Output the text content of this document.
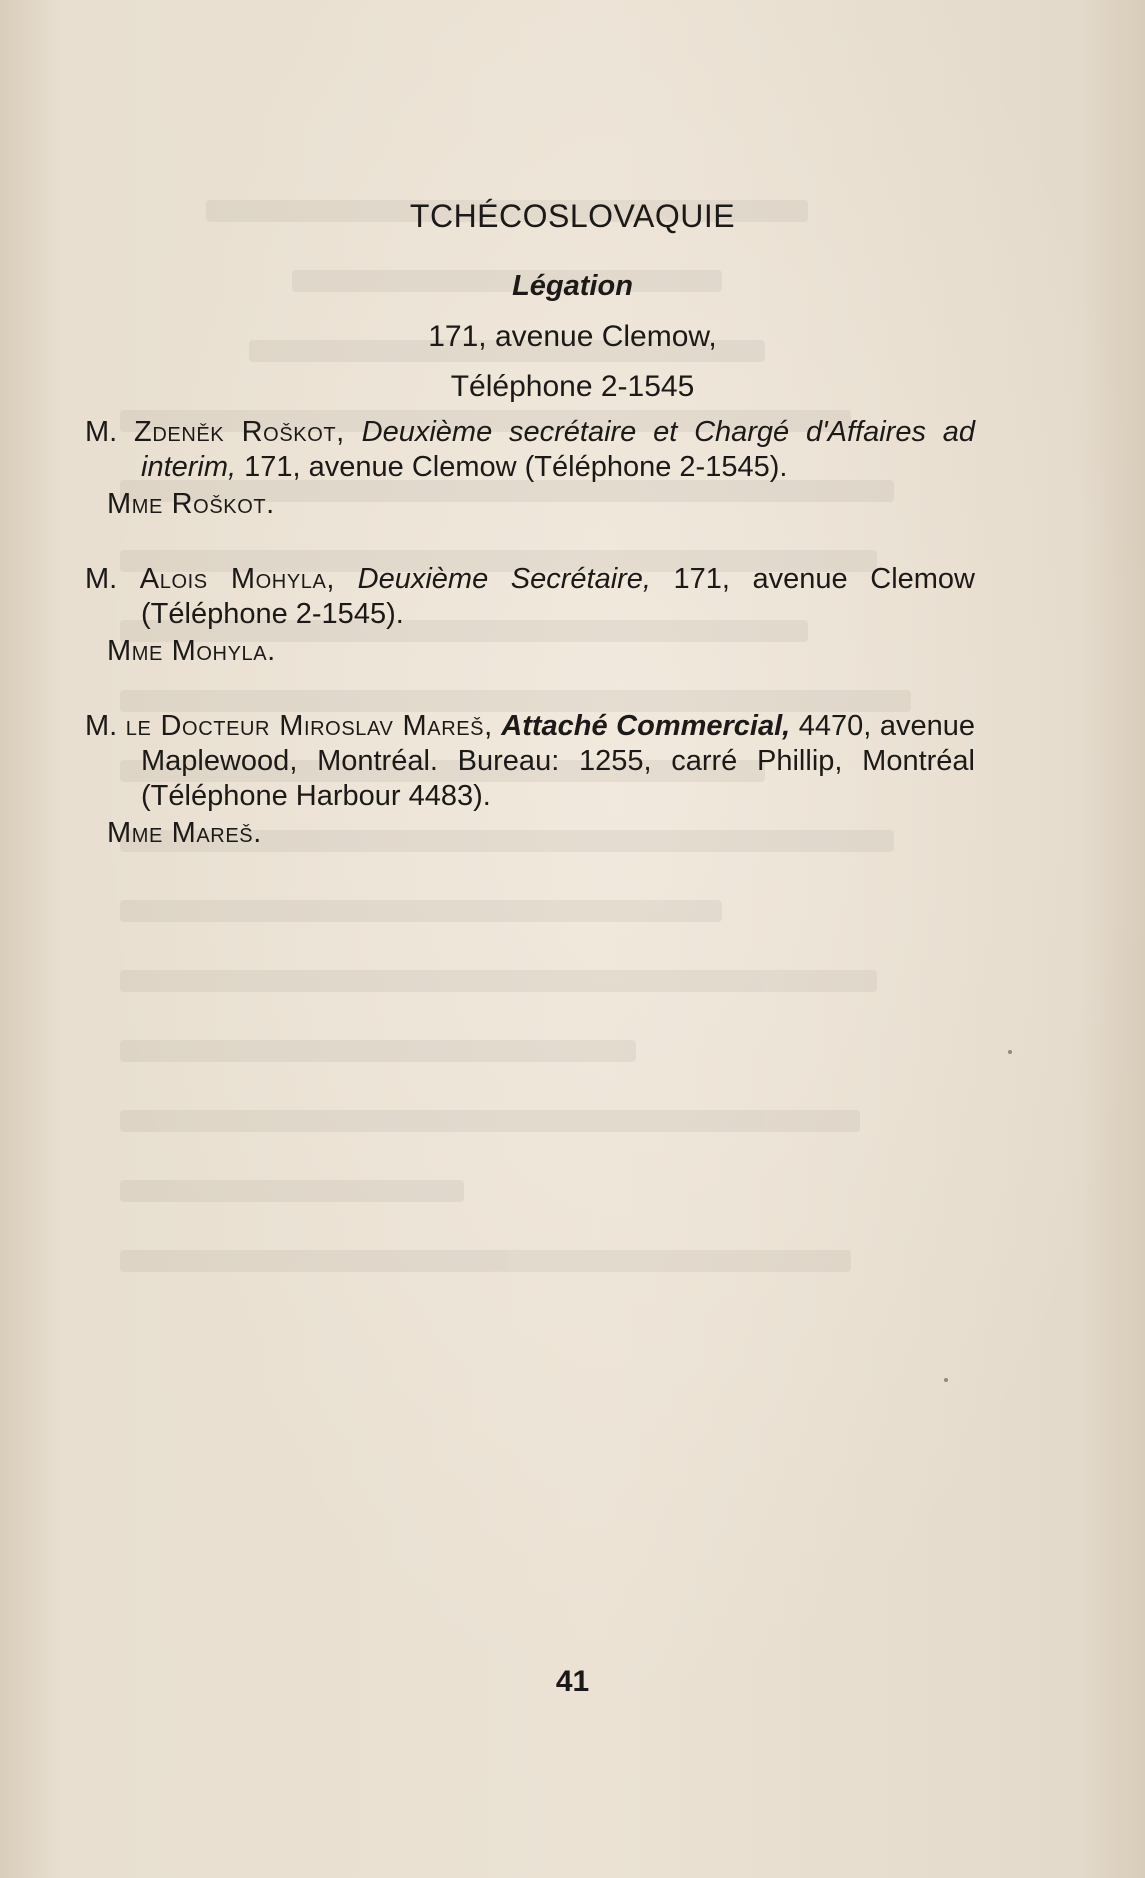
TCHÉCOSLOVAQUIE
Légation
171, avenue Clemow,
Téléphone 2-1545

M. Zdeněk Roškot, Deuxième secrétaire et Chargé d'Affaires ad interim, 171, avenue Clemow (Téléphone 2-1545).

Mme Roškot.

M. Alois Mohyla, Deuxième Secrétaire, 171, avenue Clemow (Téléphone 2-1545).

Mme Mohyla.

M. le Docteur Miroslav Mareš, Attaché Commercial, 4470, avenue Maplewood, Montréal. Bureau: 1255, carré Phillip, Montréal (Téléphone Harbour 4483).

Mme Mareš.

41
